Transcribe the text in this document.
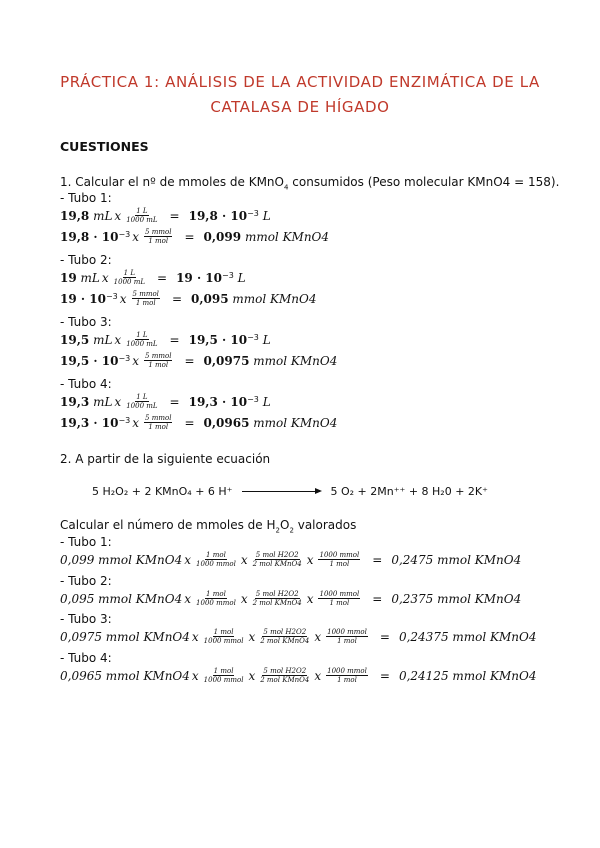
PRÁCTICA 1: ANÁLISIS DE LA ACTIVIDAD ENZIMÁTICA DE LA
CATALASA DE HÍGADO
CUESTIONES
1. Calcular el nº de mmoles de KMnO$_4$ consumidos (Peso molecular KMnO4 = 158).
- Tubo 1:
19,8
mL x $\frac{1 L}{1000 mL} = 19,8 \cdot 10^{-3}$
L
$19,8 \cdot 10^{-3}$ x $\frac{\text{5 mmol}}{\text{1 mol}} = 0,099$
mmol KMnO4
- Tubo 2:
19
mL x $\frac{1 L}{1000 mL} = 19 \cdot 10^{-3}$
L
$19 \cdot 10^{-3}$ x $\frac{\text{5 mmol}}{\text{1 mol}} = 0,095$
mmol KMnO4
- Tubo 3:
19,5
mL x $\frac{1 L}{1000 mL} = 19,5 \cdot 10^{-3}$
L
$19,5 \cdot 10^{-3}$ x $\frac{\text{5 mmol}}{\text{1 mol}} = 0,0975$
mmol KMnO4
- Tubo 4:
19,3
mL x $\frac{1 L}{1000 mL} = 19,3 \cdot 10^{-3}$
L
$19,3 \cdot 10^{-3}$ x $\frac{\text{5 mmol}}{\text{1 mol}} = 0,0965$
mmol KMnO4
2. A partir de la siguiente ecuación
5 H₂O₂ + 2 KMnO₄ + 6 H⁺	5 O₂ + 2Mn⁺⁺ + 8 H₂0 + 2K⁺
Calcular el número de mmoles de $H_2O_2$ valorados
- Tubo 1:
0,099 mmol KMnO4 x $\frac{\text{1 mol}}{\text{1000 mmol}}$ x $\frac{\text{5 mol H2O2}}{\text{2 mol KMnO4}}$ x $\frac{\text{1000 mmol}}{\text{1 mol}} = 0,2475$ mmol KMnO4
- Tubo 2:
0,095 mmol KMnO4 x $\frac{\text{1 mol}}{\text{1000 mmol}}$ x $\frac{\text{5 mol H2O2}}{\text{2 mol KMnO4}}$ x $\frac{\text{1000 mmol}}{\text{1 mol}} = 0,2375$ mmol KMnO4
- Tubo 3:
0,0975 mmol KMnO4 x $\frac{\text{1 mol}}{\text{1000 mmol}}$ x $\frac{\text{5 mol H2O2}}{\text{2 mol KMnO4}}$ x $\frac{\text{1000 mmol}}{\text{1 mol}} = 0,24375$ mmol KMnO4
- Tubo 4:
0,0965 mmol KMnO4 x $\frac{\text{1 mol}}{\text{1000 mmol}}$ x $\frac{\text{5 mol H2O2}}{\text{2 mol KMnO4}}$ x $\frac{\text{1000 mmol}}{\text{1 mol}} = 0,24125$ mmol KMnO4
